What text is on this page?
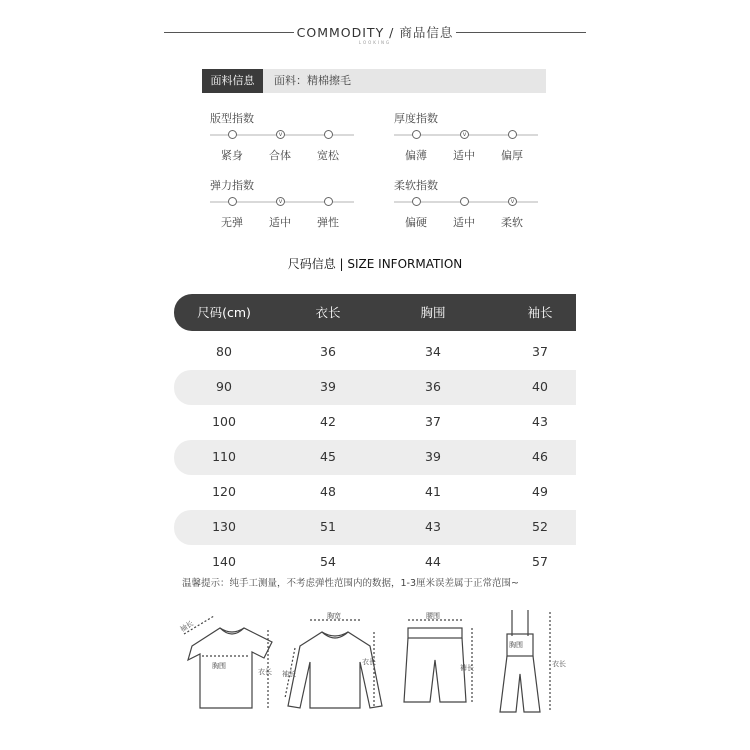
COMMODITY / 商品信息
LOOKING
面料信息	面料：精棉擦毛
版型指数
紧身
v
合体	宽松
厚度指数
偏薄
v
适中	偏厚
弹力指数
无弹
v
适中	弹性
柔软指数
偏硬	适中
v
柔软
尺码信息 | SIZE INFORMATION
尺码(cm)	衣长	胸围	袖长
80	36	34	37
90	39	36	40
100	42	37	43
110	45	39	46
120	48	41	49
130	51	43	52
140	54	44	57
温馨提示：纯手工测量，不考虑弹性范围内的数据，1-3厘米误差属于正常范围~
袖长
胸围
衣长
胸宽
袖长
衣长
腰围
裤长
胸围
衣长
